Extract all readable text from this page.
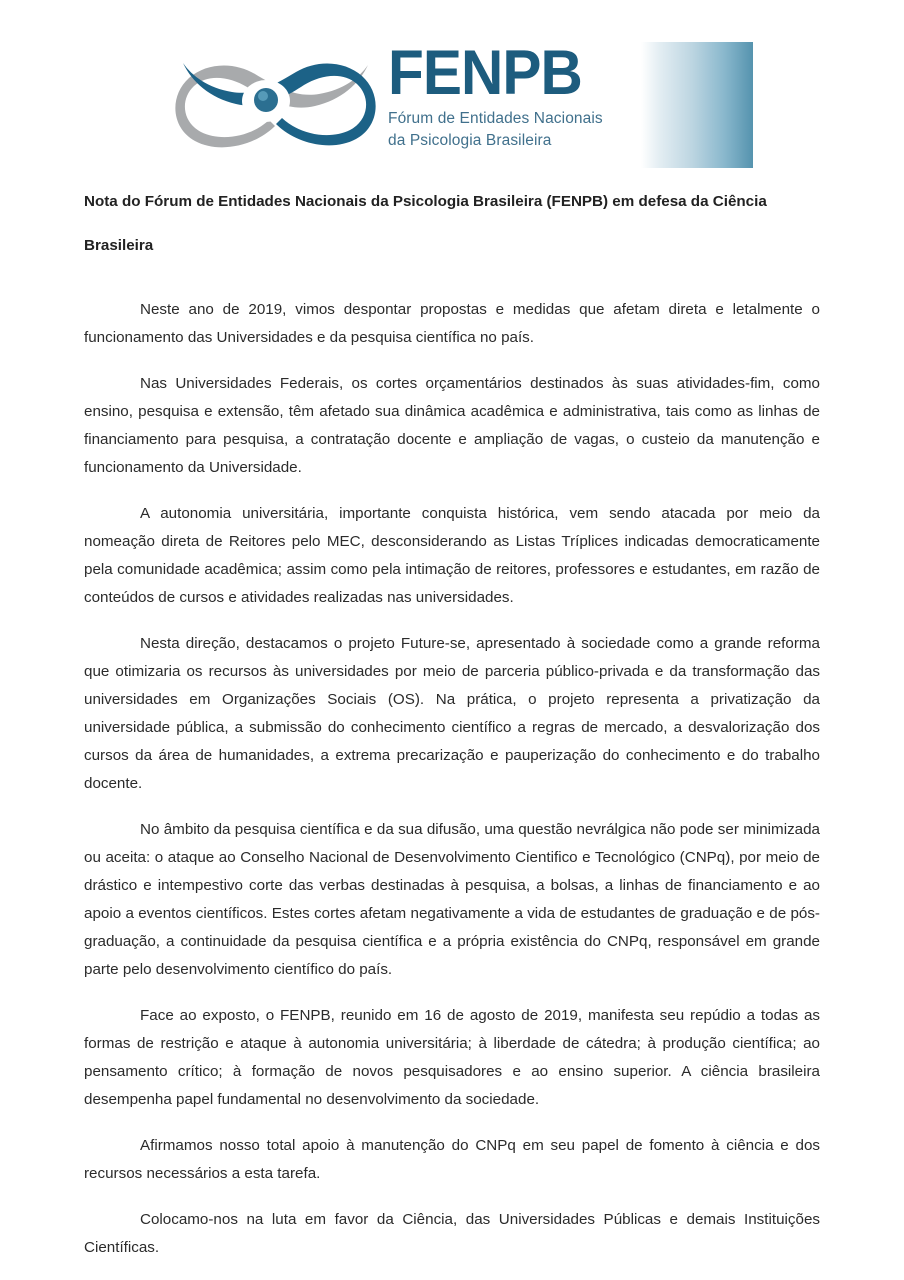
FENPB
Fórum de Entidades Nacionais
da Psicologia Brasileira
Nota do Fórum de Entidades Nacionais da Psicologia Brasileira (FENPB) em defesa da Ciência Brasileira

Neste ano de 2019, vimos despontar propostas e medidas que afetam direta e letalmente o funcionamento das Universidades e da pesquisa científica no país.

Nas Universidades Federais, os cortes orçamentários destinados às suas atividades-fim, como ensino, pesquisa e extensão, têm afetado sua dinâmica acadêmica e administrativa, tais como as linhas de financiamento para pesquisa, a contratação docente e ampliação de vagas, o custeio da manutenção e funcionamento da Universidade.

A autonomia universitária, importante conquista histórica, vem sendo atacada por meio da nomeação direta de Reitores pelo MEC, desconsiderando as Listas Tríplices indicadas democraticamente pela comunidade acadêmica; assim como pela intimação de reitores, professores e estudantes, em razão de conteúdos de cursos e atividades realizadas nas universidades.

Nesta direção, destacamos o projeto Future-se, apresentado à sociedade como a grande reforma que otimizaria os recursos às universidades por meio de parceria público-privada e da transformação das universidades em Organizações Sociais (OS). Na prática, o projeto representa a privatização da universidade pública, a submissão do conhecimento científico a regras de mercado, a desvalorização dos cursos da área de humanidades, a extrema precarização e pauperização do conhecimento e do trabalho docente.

No âmbito da pesquisa científica e da sua difusão, uma questão nevrálgica não pode ser minimizada ou aceita: o ataque ao Conselho Nacional de Desenvolvimento Cientifico e Tecnológico (CNPq), por meio de drástico e intempestivo corte das verbas destinadas à pesquisa, a bolsas, a linhas de financiamento e ao apoio a eventos científicos. Estes cortes afetam negativamente a vida de estudantes de graduação e de pós-graduação, a continuidade da pesquisa científica e a própria existência do CNPq, responsável em grande parte pelo desenvolvimento científico do país.

Face ao exposto, o FENPB, reunido em 16 de agosto de 2019, manifesta seu repúdio a todas as formas de restrição e ataque à autonomia universitária; à liberdade de cátedra; à produção científica; ao pensamento crítico; à formação de novos pesquisadores e ao ensino superior. A ciência brasileira desempenha papel fundamental no desenvolvimento da sociedade.

Afirmamos nosso total apoio à manutenção do CNPq em seu papel de fomento à ciência e dos recursos necessários a esta tarefa.

Colocamo-nos na luta em favor da Ciência, das Universidades Públicas e demais Instituições Científicas.
